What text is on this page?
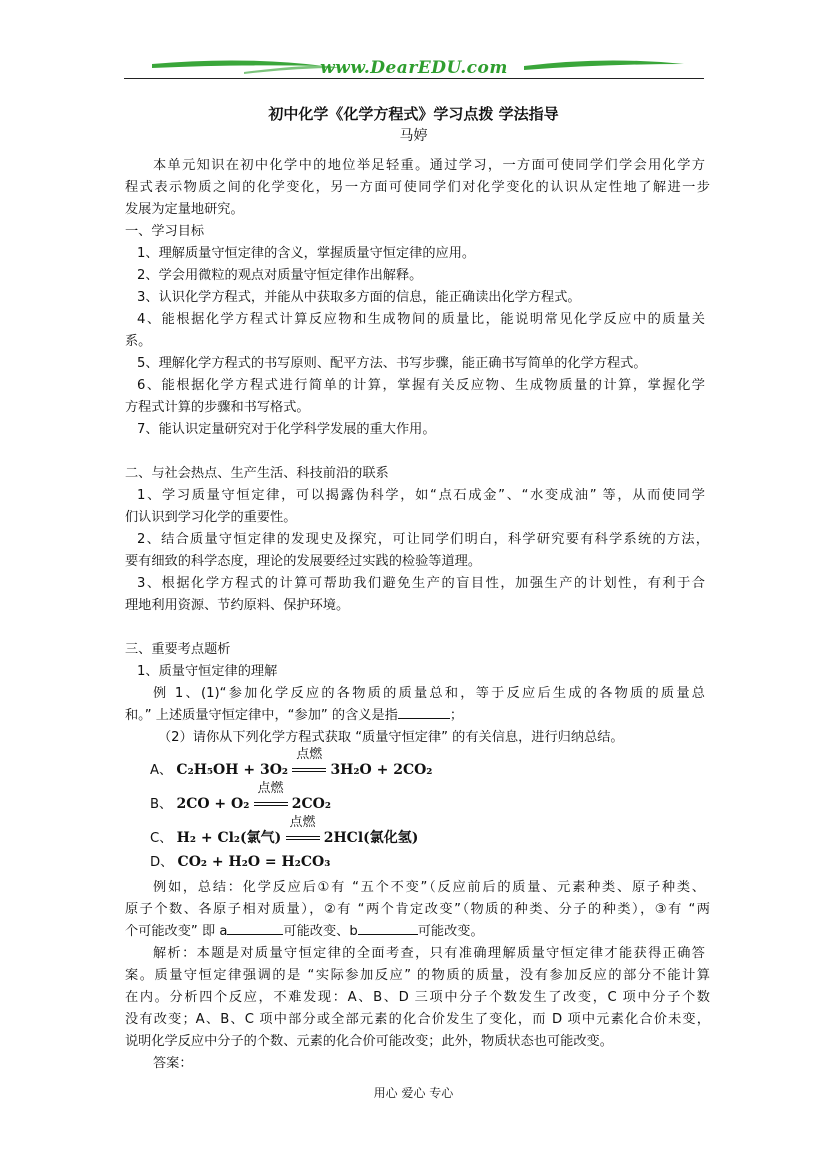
www.DearEDU.com
初中化学《化学方程式》学习点拨 学法指导
马婷
本单元知识在初中化学中的地位举足轻重。通过学习，一方面可使同学们学会用化学方
程式表示物质之间的化学变化，另一方面可使同学们对化学变化的认识从定性地了解进一步
发展为定量地研究。
一、学习目标
1、理解质量守恒定律的含义，掌握质量守恒定律的应用。
2、学会用微粒的观点对质量守恒定律作出解释。
3、认识化学方程式，并能从中获取多方面的信息，能正确读出化学方程式。
4、能根据化学方程式计算反应物和生成物间的质量比，能说明常见化学反应中的质量关
系。
5、理解化学方程式的书写原则、配平方法、书写步骤，能正确书写简单的化学方程式。
6、能根据化学方程式进行简单的计算，掌握有关反应物、生成物质量的计算，掌握化学
方程式计算的步骤和书写格式。
7、能认识定量研究对于化学科学发展的重大作用。
二、与社会热点、生产生活、科技前沿的联系
1、学习质量守恒定律，可以揭露伪科学，如“点石成金”、“水变成油” 等，从而使同学
们认识到学习化学的重要性。
2、结合质量守恒定律的发现史及探究，可让同学们明白，科学研究要有科学系统的方法，
要有细致的科学态度，理论的发展要经过实践的检验等道理。
3、根据化学方程式的计算可帮助我们避免生产的盲目性，加强生产的计划性，有利于合
理地利用资源、节约原料、保护环境。
三、重要考点题析
1、质量守恒定律的理解
例 1、(1)“参加化学反应的各物质的质量总和，等于反应后生成的各物质的质量总
和。” 上述质量守恒定律中，“参加” 的含义是指	；
（2）请你从下列化学方程式获取 “质量守恒定律” 的有关信息，进行归纳总结。
A、 C₂H₅OH + 3O₂
点燃
3H₂O + 2CO₂
B、 2CO + O₂
点燃
2CO₂
C、 H₂ + Cl₂(氯气)
点燃
2HCl(氯化氢)
D、 CO₂ + H₂O = H₂CO₃
例如，总结：化学反应后①有 “五个不变”（反应前后的质量、元素种类、原子种类、
原子个数、各原子相对质量），②有 “两个肯定改变”（物质的种类、分子的种类），③有 “两
个可能改变” 即 a	可能改变、b	可能改变。
解析：本题是对质量守恒定律的全面考查，只有准确理解质量守恒定律才能获得正确答
案。质量守恒定律强调的是 “实际参加反应” 的物质的质量，没有参加反应的部分不能计算
在内。分析四个反应，不难发现：A、B、D 三项中分子个数发生了改变，C 项中分子个数
没有改变；A、B、C 项中部分或全部元素的化合价发生了变化，而 D 项中元素化合价未变，
说明化学反应中分子的个数、元素的化合价可能改变；此外，物质状态也可能改变。
答案：
用心 爱心 专心
